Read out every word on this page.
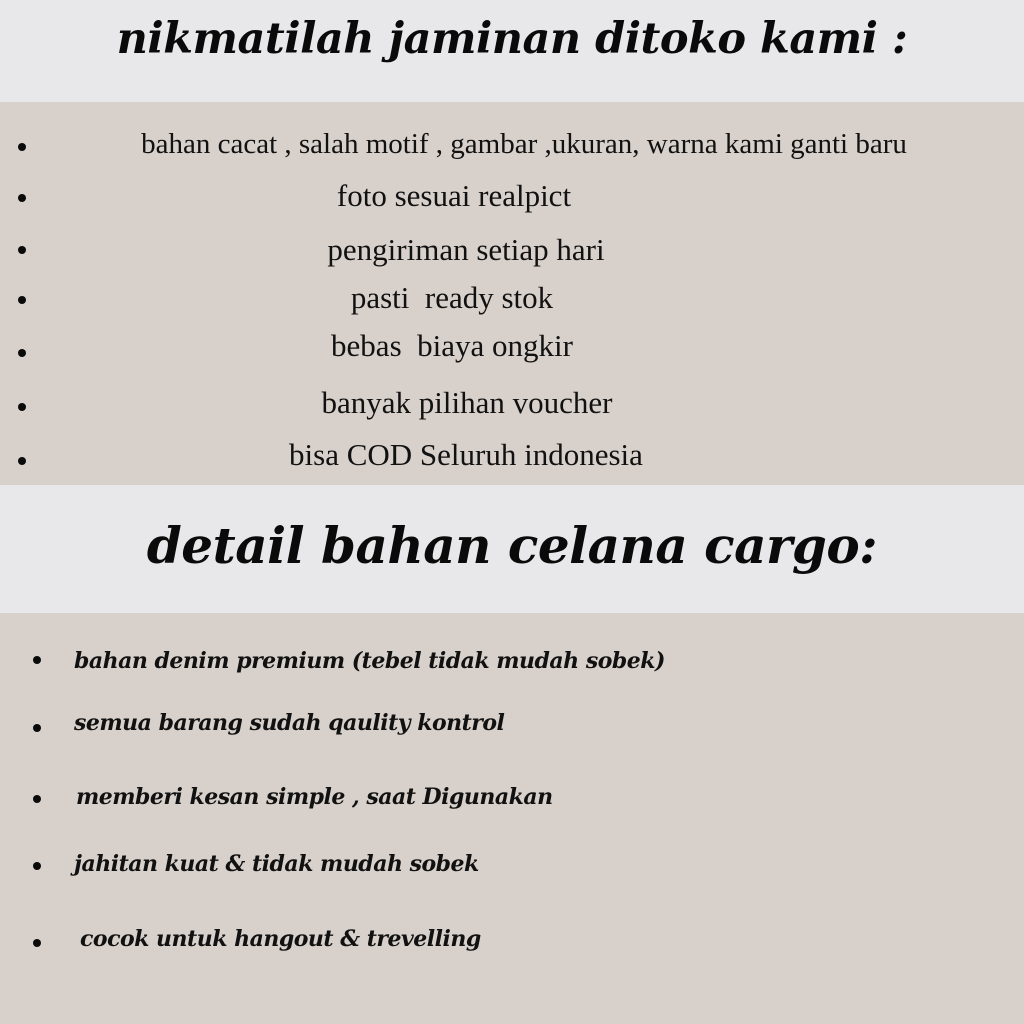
nikmatilah jaminan ditoko kami :
detail bahan celana cargo:
bahan cacat , salah motif , gambar ,ukuran, warna kami ganti baru
foto sesuai realpict
pengiriman setiap hari
pasti  ready stok
bebas  biaya ongkir
banyak pilihan voucher
bisa COD Seluruh indonesia
bahan denim premium (tebel tidak mudah sobek)
semua barang sudah qaulity kontrol
memberi kesan simple , saat Digunakan
jahitan kuat & tidak mudah sobek
cocok untuk hangout & trevelling
